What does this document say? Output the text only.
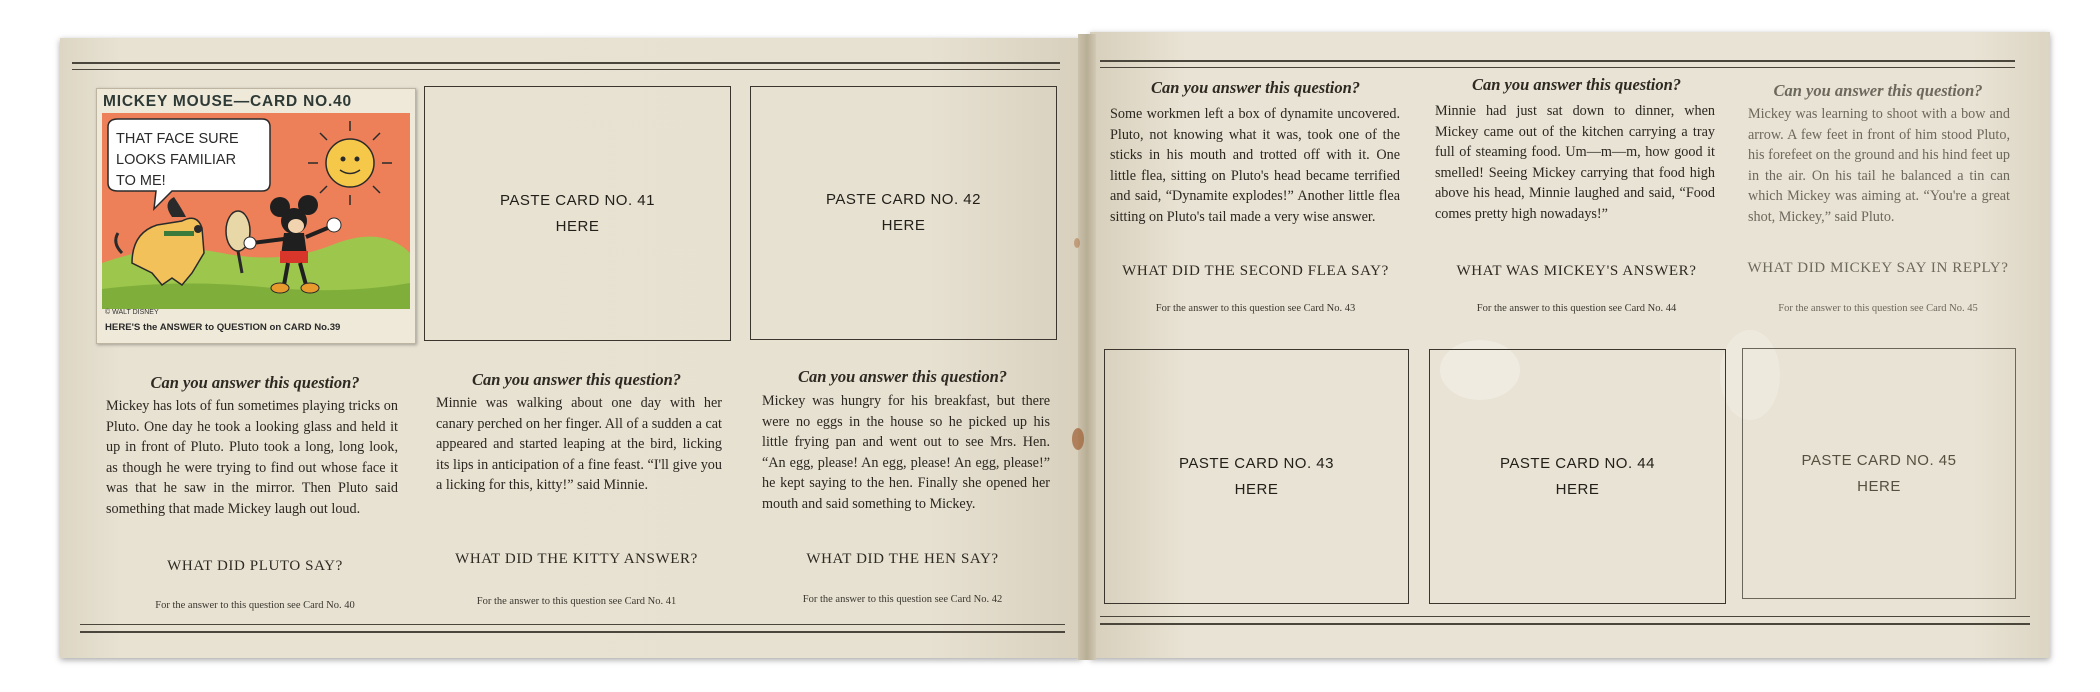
MICKEY MOUSE—CARD NO.40
THAT FACE SURE
LOOKS FAMILIAR
TO ME!
© WALT DISNEY
HERE'S the ANSWER to QUESTION on CARD No.39
PASTE CARD NO. 41
HERE
PASTE CARD NO. 42
HERE
PASTE CARD NO. 43
HERE
PASTE CARD NO. 44
HERE
PASTE CARD NO. 45
HERE
Can you answer this question?
Mickey has lots of fun sometimes playing tricks on Pluto. One day he took a looking glass and held it up in front of Pluto. Pluto took a long, long look, as though he were trying to find out whose face it was that he saw in the mirror. Then Pluto said something that made Mickey laugh out loud.
WHAT DID PLUTO SAY?
For the answer to this question see Card No. 40
Can you answer this question?
Minnie was walking about one day with her canary perched on her finger. All of a sudden a cat appeared and started leaping at the bird, licking its lips in anticipation of a fine feast. “I'll give you a licking for this, kitty!” said Minnie.
WHAT DID THE KITTY ANSWER?
For the answer to this question see Card No. 41
Can you answer this question?
Mickey was hungry for his breakfast, but there were no eggs in the house so he picked up his little frying pan and went out to see Mrs. Hen. “An egg, please! An egg, please! An egg, please!” he kept saying to the hen. Finally she opened her mouth and said something to Mickey.
WHAT DID THE HEN SAY?
For the answer to this question see Card No. 42
Can you answer this question?
Some workmen left a box of dynamite uncovered. Pluto, not knowing what it was, took one of the sticks in his mouth and trotted off with it. One little flea, sitting on Pluto's head became terrified and said, “Dynamite explodes!” Another little flea sitting on Pluto's tail made a very wise answer.
WHAT DID THE SECOND FLEA SAY?
For the answer to this question see Card No. 43
Can you answer this question?
Minnie had just sat down to dinner, when Mickey came out of the kitchen carrying a tray full of steaming food. Um—m—m, how good it smelled! Seeing Mickey carrying that food high above his head, Minnie laughed and said, “Food comes pretty high nowadays!”
WHAT WAS MICKEY'S ANSWER?
For the answer to this question see Card No. 44
Can you answer this question?
Mickey was learning to shoot with a bow and arrow. A few feet in front of him stood Pluto, his forefeet on the ground and his hind feet up in the air. On his tail he balanced a tin can which Mickey was aiming at. “You're a great shot, Mickey,” said Pluto.
WHAT DID MICKEY SAY IN REPLY?
For the answer to this question see Card No. 45
